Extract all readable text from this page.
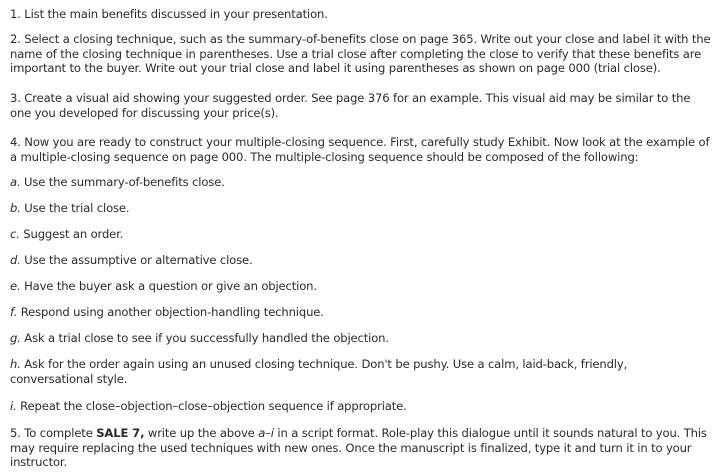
1. List the main benefits discussed in your presentation.

2. Select a closing technique, such as the summary-of-benefits close on page 365. Write out your close and label it with the name of the closing technique in parentheses. Use a trial close after completing the close to verify that these benefits are important to the buyer. Write out your trial close and label it using parentheses as shown on page 000 (trial close).

3. Create a visual aid showing your suggested order. See page 376 for an example. This visual aid may be similar to the one you developed for discussing your price(s).

4. Now you are ready to construct your multiple-closing sequence. First, carefully study Exhibit. Now look at the example of a multiple-closing sequence on page 000. The multiple-closing sequence should be composed of the following:

a. Use the summary-of-benefits close.

b. Use the trial close.

c. Suggest an order.

d. Use the assumptive or alternative close.

e. Have the buyer ask a question or give an objection.

f. Respond using another objection-handling technique.

g. Ask a trial close to see if you successfully handled the objection.

h. Ask for the order again using an unused closing technique. Don't be pushy. Use a calm, laid-back, friendly, conversational style.

i. Repeat the close–objection–close–objection sequence if appropriate.

5. To complete SALE 7, write up the above a–i in a script format. Role-play this dialogue until it sounds natural to you. This may require replacing the used techniques with new ones. Once the manuscript is finalized, type it and turn it in to your instructor.
